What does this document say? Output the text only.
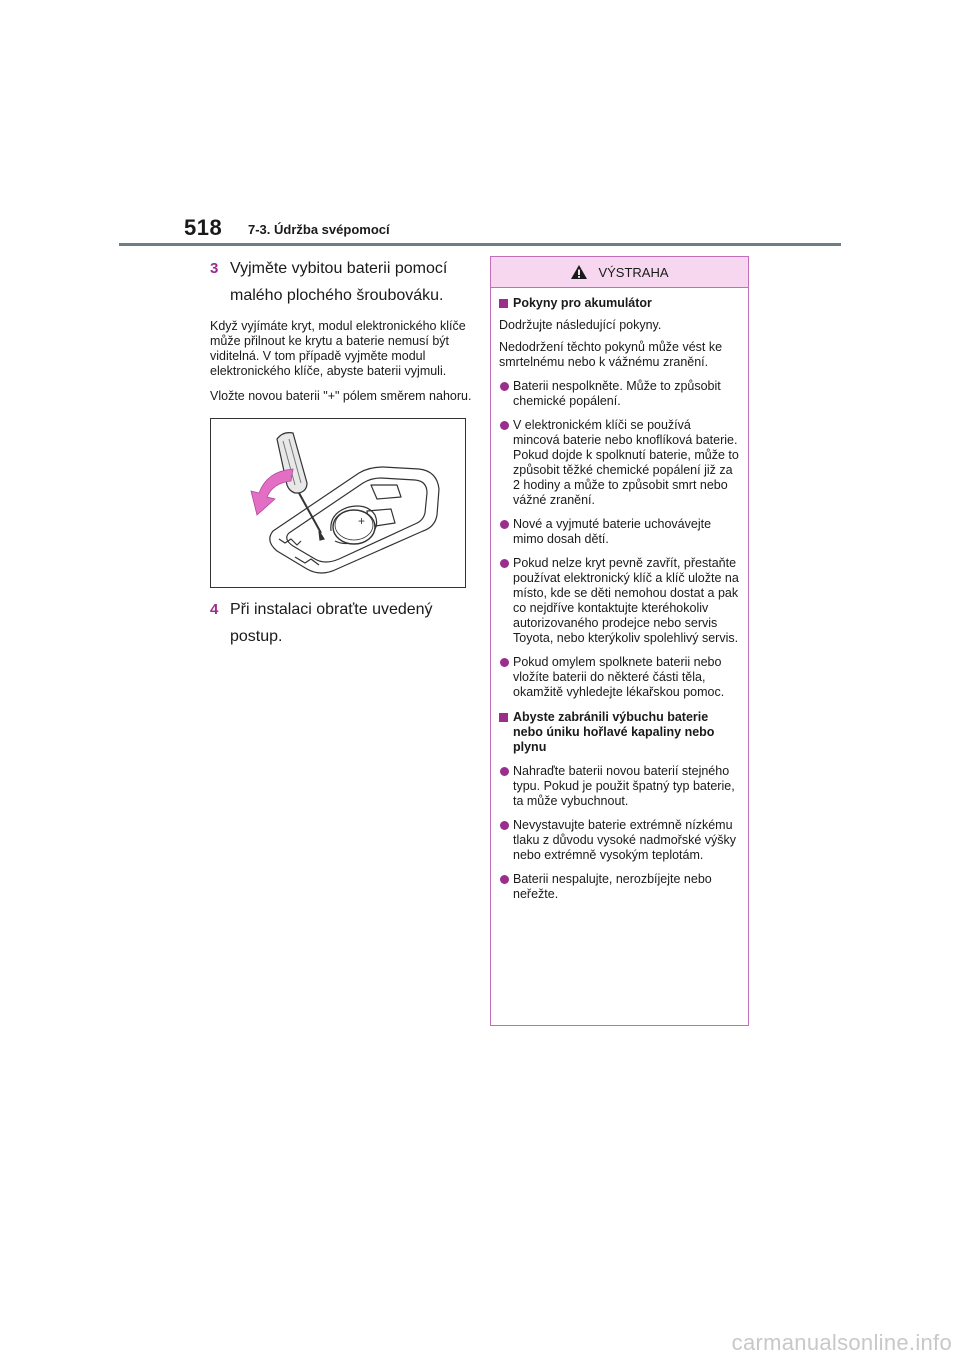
518 7-3. Údržba svépomocí
3 Vyjměte vybitou baterii pomocí malého plochého šroubováku.

Když vyjímáte kryt, modul elektronického klíče může přilnout ke krytu a baterie nemusí být viditelná. V tom případě vyjměte modul elektronického klíče, abyste baterii vyjmuli.

Vložte novou baterii "+" pólem směrem nahoru.

+
4 Při instalaci obraťte uvedený postup.
VÝSTRAHA
Pokyny pro akumulátor

Dodržujte následující pokyny.

Nedodržení těchto pokynů může vést ke smrtelnému nebo k vážnému zranění.

Baterii nespolkněte. Může to způsobit chemické popálení.
V elektronickém klíči se používá mincová baterie nebo knoflíková baterie. Pokud dojde k spolknutí baterie, může to způsobit těžké chemické popálení již za 2 hodiny a může to způsobit smrt nebo vážné zranění.
Nové a vyjmuté baterie uchovávejte mimo dosah dětí.
Pokud nelze kryt pevně zavřít, přestaňte používat elektronický klíč a klíč uložte na místo, kde se děti nemohou dostat a pak co nejdříve kontaktujte kteréhokoliv autorizovaného prodejce nebo servis Toyota, nebo kterýkoliv spolehlivý servis.
Pokud omylem spolknete baterii nebo vložíte baterii do některé části těla, okamžitě vyhledejte lékařskou pomoc.
Abyste zabránili výbuchu baterie nebo úniku hořlavé kapaliny nebo plynu
Nahraďte baterii novou baterií stejného typu. Pokud je použit špatný typ baterie, ta může vybuchnout.
Nevystavujte baterie extrémně nízkému tlaku z důvodu vysoké nadmořské výšky nebo extrémně vysokým teplotám.
Baterii nespalujte, nerozbíjejte nebo neřežte.
carmanualsonline.info
